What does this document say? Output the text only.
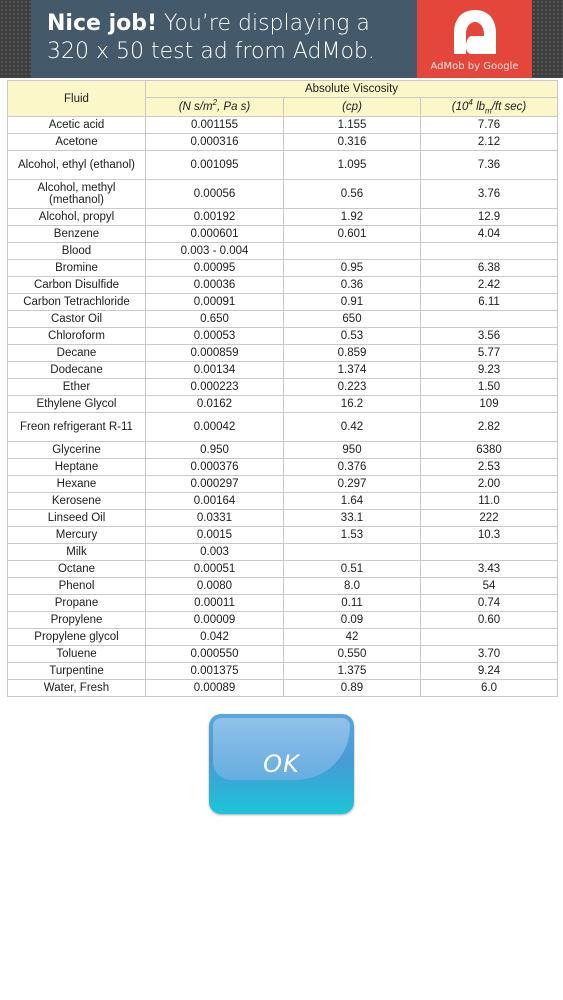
Nice job! You’re displaying a 320 x 50 test ad from AdMob.
AdMob by Google
Fluid	Absolute Viscosity		
	(N $s/m^2$, Pa s)	(cp)	($10^4$ $lb_m/ft$ sec)
Acetic acid	0.001155	1.155	7.76
Acetone	0.000316	0.316	2.12
Alcohol, ethyl (ethanol)	0.001095	1.095	7.36
Alcohol, methyl (methanol)	0.00056	0.56	3.76
Alcohol, propyl	0.00192	1.92	12.9
Benzene	0.000601	0.601	4.04
Blood	0.003 - 0.004		
Bromine	0.00095	0.95	6.38
Carbon Disulfide	0.00036	0.36	2.42
Carbon Tetrachloride	0.00091	0.91	6.11
Castor Oil	0.650	650	
Chloroform	0.00053	0.53	3.56
Decane	0.000859	0.859	5.77
Dodecane	0.00134	1.374	9.23
Ether	0.000223	0.223	1.50
Ethylene Glycol	0.0162	16.2	109
Freon refrigerant R-11	0.00042	0.42	2.82
Glycerine	0.950	950	6380
Heptane	0.000376	0.376	2.53
Hexane	0.000297	0.297	2.00
Kerosene	0.00164	1.64	11.0
Linseed Oil	0.0331	33.1	222
Mercury	0.0015	1.53	10.3
Milk	0.003		
Octane	0.00051	0.51	3.43
Phenol	0.0080	8.0	54
Propane	0.00011	0.11	0.74
Propylene	0.00009	0.09	0.60
Propylene glycol	0.042	42	
Toluene	0.000550	0.550	3.70
Turpentine	0.001375	1.375	9.24
Water, Fresh	0.00089	0.89	6.0
OK
